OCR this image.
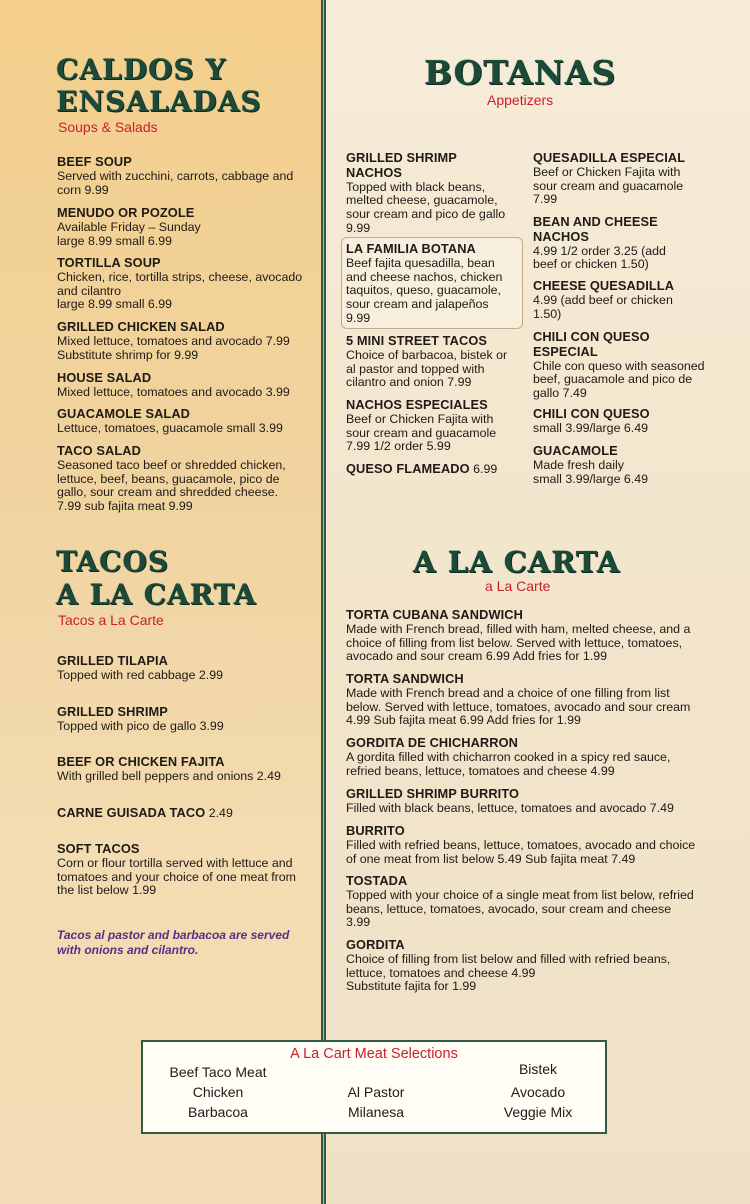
CALDOS Y
ENSALADAS
Soups & Salads
BEEF SOUP
Served with zucchini, carrots, cabbage and corn 9.99
MENUDO OR POZOLE
Available Friday – Sunday
large 8.99 small 6.99
TORTILLA SOUP
Chicken, rice, tortilla strips, cheese, avocado and cilantro
large 8.99 small 6.99
GRILLED CHICKEN SALAD
Mixed lettuce, tomatoes and avocado 7.99
Substitute shrimp for 9.99
HOUSE SALAD
Mixed lettuce, tomatoes and avocado 3.99
GUACAMOLE SALAD
Lettuce, tomatoes, guacamole small 3.99
TACO SALAD
Seasoned taco beef or shredded chicken, lettuce, beef, beans, guacamole, pico de gallo, sour cream and shredded cheese. 7.99 sub fajita meat 9.99
TACOS
A LA CARTA
Tacos a La Carte
GRILLED TILAPIA
Topped with red cabbage 2.99
GRILLED SHRIMP
Topped with pico de gallo 3.99
BEEF OR CHICKEN FAJITA
With grilled bell peppers and onions 2.49
CARNE GUISADA TACO 2.49
SOFT TACOS
Corn or flour tortilla served with lettuce and tomatoes and your choice of one meat from the list below 1.99
Tacos al pastor and barbacoa are served with onions and cilantro.
BOTANAS
Appetizers
GRILLED SHRIMP NACHOS
Topped with black beans, melted cheese, guacamole, sour cream and pico de gallo 9.99
LA FAMILIA BOTANA
Beef fajita quesadilla, bean and cheese nachos, chicken taquitos, queso, guacamole, sour cream and jalapeños 9.99
5 MINI STREET TACOS
Choice of barbacoa, bistek or al pastor and topped with cilantro and onion 7.99
NACHOS ESPECIALES
Beef or Chicken Fajita with sour cream and guacamole 7.99 1/2 order 5.99
QUESO FLAMEADO 6.99
QUESADILLA ESPECIAL
Beef or Chicken Fajita with sour cream and guacamole 7.99
BEAN AND CHEESE NACHOS
4.99 1/2 order 3.25 (add beef or chicken 1.50)
CHEESE QUESADILLA
4.99 (add beef or chicken 1.50)
CHILI CON QUESO ESPECIAL
Chile con queso with seasoned beef, guacamole and pico de gallo 7.49
CHILI CON QUESO
small 3.99/large 6.49
GUACAMOLE
Made fresh daily
small 3.99/large 6.49
A LA CARTA
a La Carte
TORTA CUBANA SANDWICH
Made with French bread, filled with ham, melted cheese, and a choice of filling from list below. Served with lettuce, tomatoes, avocado and sour cream 6.99 Add fries for 1.99
TORTA SANDWICH
Made with French bread and a choice of one filling from list below. Served with lettuce, tomatoes, avocado and sour cream 4.99 Sub fajita meat 6.99 Add fries for 1.99
GORDITA DE CHICHARRON
A gordita filled with chicharron cooked in a spicy red sauce, refried beans, lettuce, tomatoes and cheese 4.99
GRILLED SHRIMP BURRITO
Filled with black beans, lettuce, tomatoes and avocado 7.49
BURRITO
Filled with refried beans, lettuce, tomatoes, avocado and choice of one meat from list below 5.49 Sub fajita meat 7.49
TOSTADA
Topped with your choice of a single meat from list below, refried beans, lettuce, tomatoes, avocado, sour cream and cheese 3.99
GORDITA
Choice of filling from list below and filled with refried beans, lettuce, tomatoes and cheese 4.99
Substitute fajita for 1.99
A La Cart Meat Selections
Beef Taco Meat
Chicken
Barbacoa
Al Pastor
Milanesa
Bistek
Avocado
Veggie Mix
